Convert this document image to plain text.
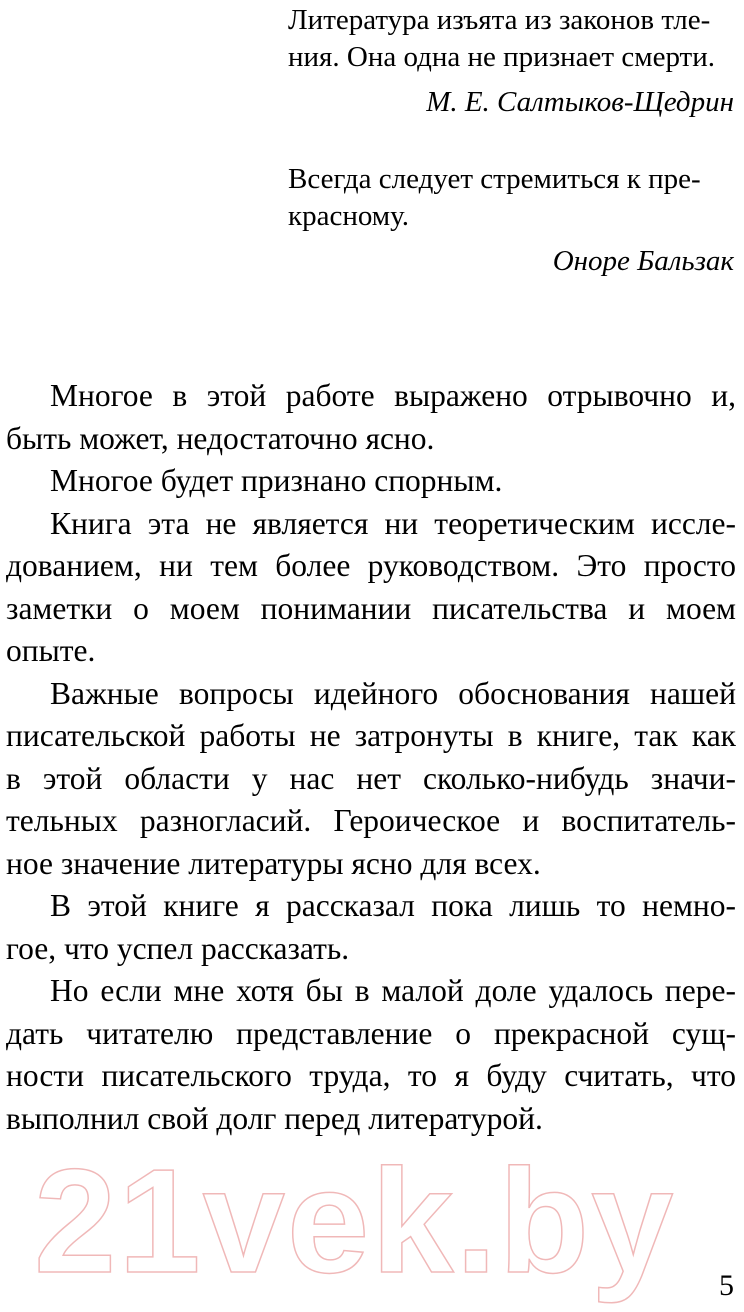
Литература изъята из законов тле-
ния. Она одна не признает смерти.
М. Е. Салтыков-Щедрин
Всегда следует стремиться к пре-
красному.
Оноре Бальзак
Многое в этой работе выражено отрывочно и,
быть может, недостаточно ясно.
Многое будет признано спорным.
Книга эта не является ни теоретическим иссле-
дованием, ни тем более руководством. Это просто
заметки о моем понимании писательства и моем
опыте.
Важные вопросы идейного обоснования нашей
писательской работы не затронуты в книге, так как
в этой области у нас нет сколько-нибудь значи-
тельных разногласий. Героическое и воспитатель-
ное значение литературы ясно для всех.
В этой книге я рассказал пока лишь то немно-
гое, что успел рассказать.
Но если мне хотя бы в малой доле удалось пере-
дать читателю представление о прекрасной сущ-
ности писательского труда, то я буду считать, что
выполнил свой долг перед литературой.
21vek.by 5
